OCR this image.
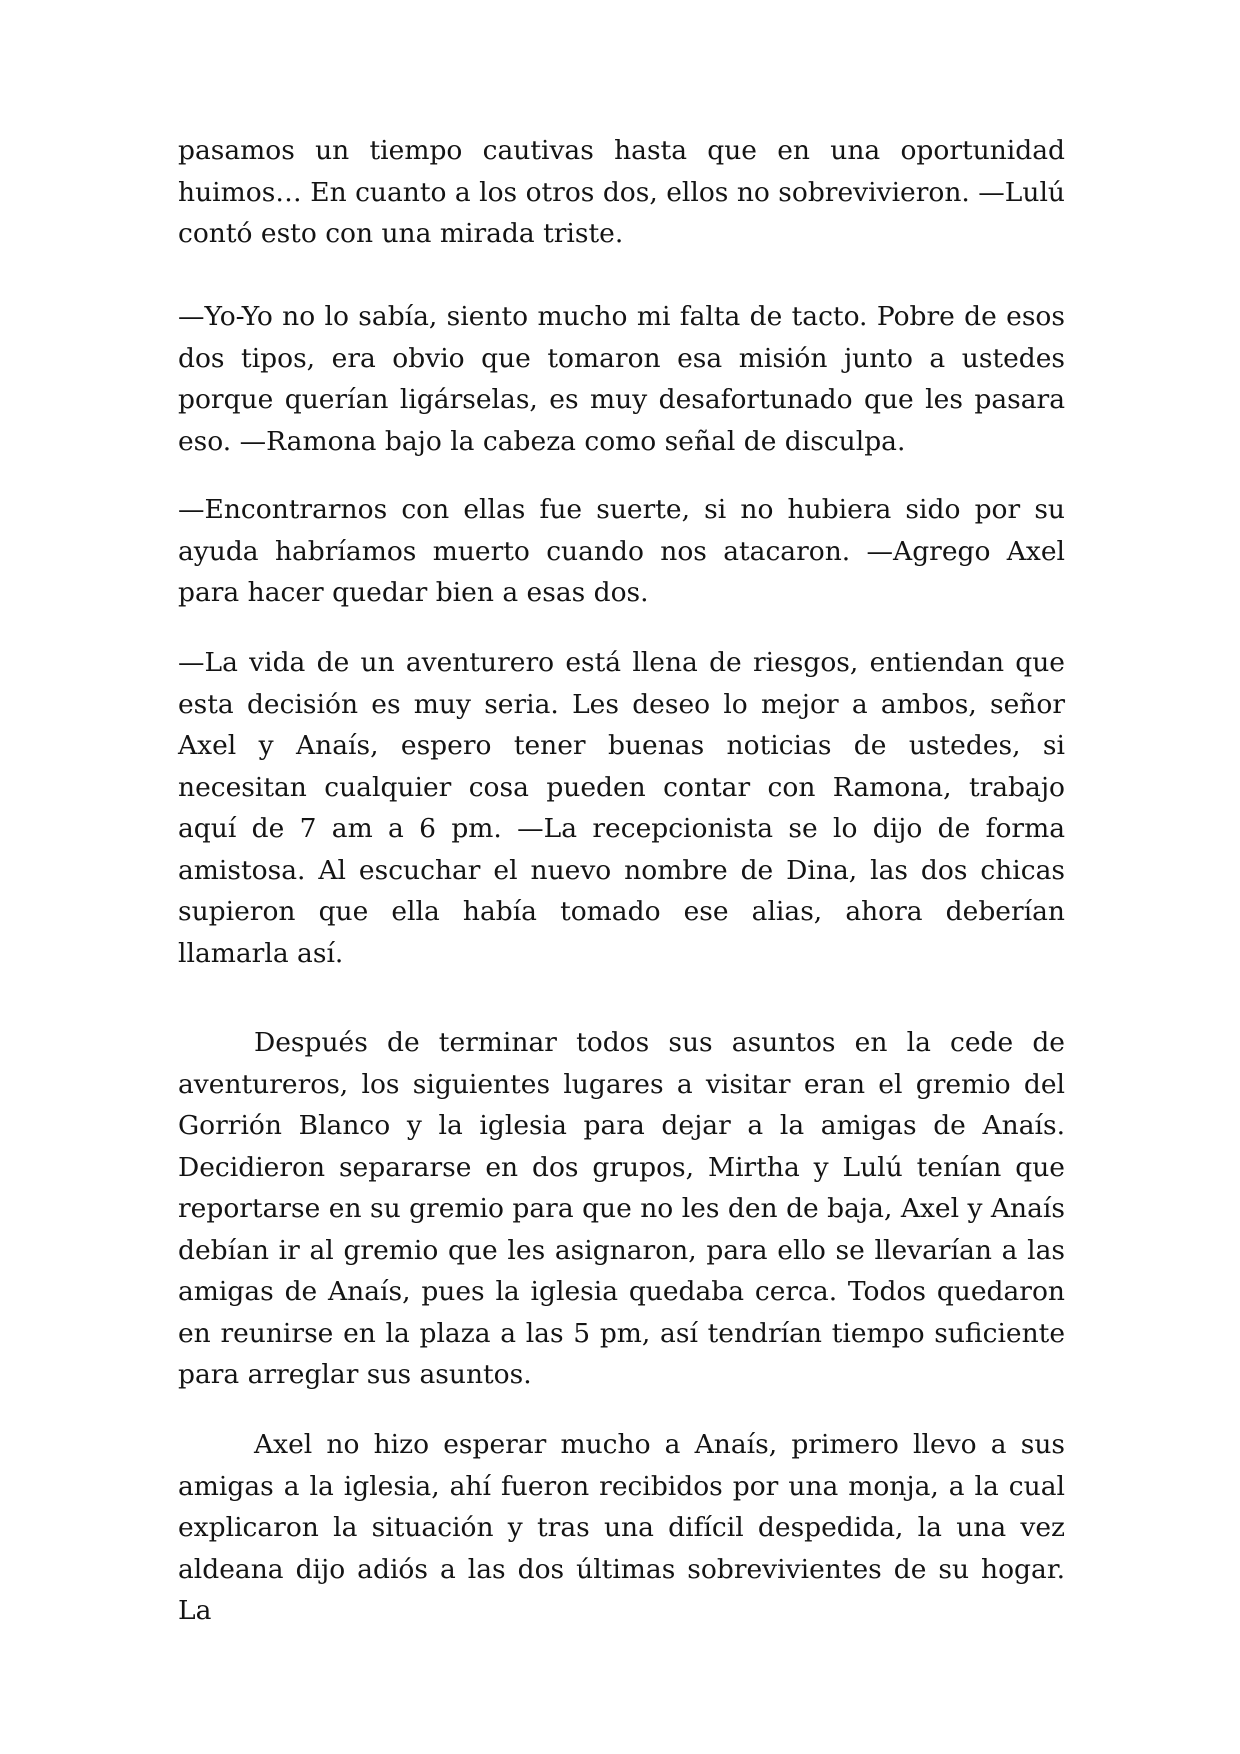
pasamos un tiempo cautivas hasta que en una oportunidad huimos… En cuanto a los otros dos, ellos no sobrevivieron. —Lulú contó esto con una mirada triste.

—Yo-Yo no lo sabía, siento mucho mi falta de tacto. Pobre de esos dos tipos, era obvio que tomaron esa misión junto a ustedes porque querían ligárselas, es muy desafortunado que les pasara eso. —Ramona bajo la cabeza como señal de disculpa.

—Encontrarnos con ellas fue suerte, si no hubiera sido por su ayuda habríamos muerto cuando nos atacaron. —Agrego Axel para hacer quedar bien a esas dos.

—La vida de un aventurero está llena de riesgos, entiendan que esta decisión es muy seria. Les deseo lo mejor a ambos, señor Axel y Anaís, espero tener buenas noticias de ustedes, si necesitan cualquier cosa pueden contar con Ramona, trabajo aquí de 7 am a 6 pm. —La recepcionista se lo dijo de forma amistosa. Al escuchar el nuevo nombre de Dina, las dos chicas supieron que ella había tomado ese alias, ahora deberían llamarla así.

Después de terminar todos sus asuntos en la cede de aventureros, los siguientes lugares a visitar eran el gremio del Gorrión Blanco y la iglesia para dejar a la amigas de Anaís. Decidieron separarse en dos grupos, Mirtha y Lulú tenían que reportarse en su gremio para que no les den de baja, Axel y Anaís debían ir al gremio que les asignaron, para ello se llevarían a las amigas de Anaís, pues la iglesia quedaba cerca. Todos quedaron en reunirse en la plaza a las 5 pm, así tendrían tiempo suficiente para arreglar sus asuntos.

Axel no hizo esperar mucho a Anaís, primero llevo a sus amigas a la iglesia, ahí fueron recibidos por una monja, a la cual explicaron la situación y tras una difícil despedida, la una vez aldeana dijo adiós a las dos últimas sobrevivientes de su hogar. La
